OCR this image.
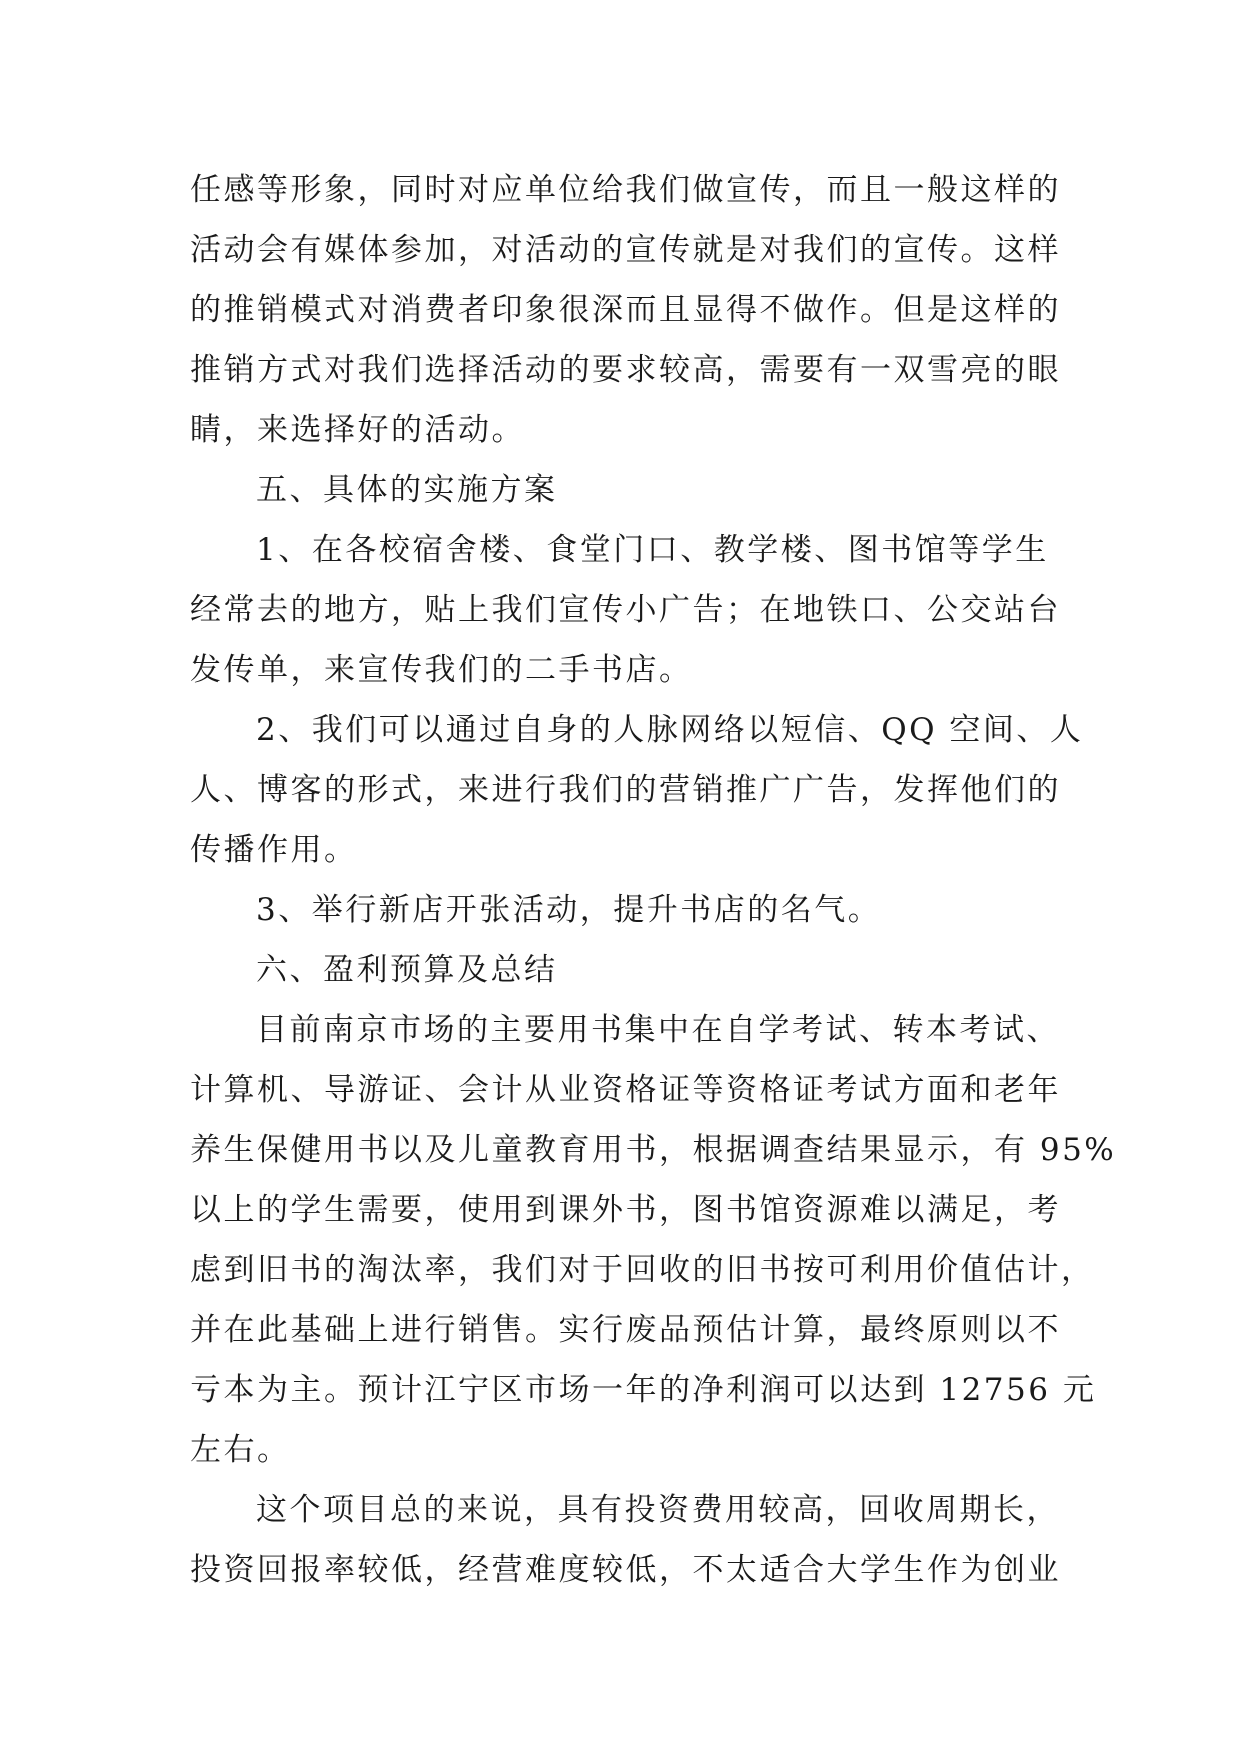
任感等形象，同时对应单位给我们做宣传，而且一般这样的
活动会有媒体参加，对活动的宣传就是对我们的宣传。这样
的推销模式对消费者印象很深而且显得不做作。但是这样的
推销方式对我们选择活动的要求较高，需要有一双雪亮的眼
睛，来选择好的活动。
五、具体的实施方案
1、在各校宿舍楼、食堂门口、教学楼、图书馆等学生
经常去的地方，贴上我们宣传小广告；在地铁口、公交站台
发传单，来宣传我们的二手书店。
2、我们可以通过自身的人脉网络以短信、QQ 空间、人
人、博客的形式，来进行我们的营销推广广告，发挥他们的
传播作用。
3、举行新店开张活动，提升书店的名气。
六、盈利预算及总结
目前南京市场的主要用书集中在自学考试、转本考试、
计算机、导游证、会计从业资格证等资格证考试方面和老年
养生保健用书以及儿童教育用书，根据调查结果显示，有 95%
以上的学生需要，使用到课外书，图书馆资源难以满足，考
虑到旧书的淘汰率，我们对于回收的旧书按可利用价值估计，
并在此基础上进行销售。实行废品预估计算，最终原则以不
亏本为主。预计江宁区市场一年的净利润可以达到 12756 元
左右。
这个项目总的来说，具有投资费用较高，回收周期长，
投资回报率较低，经营难度较低，不太适合大学生作为创业
